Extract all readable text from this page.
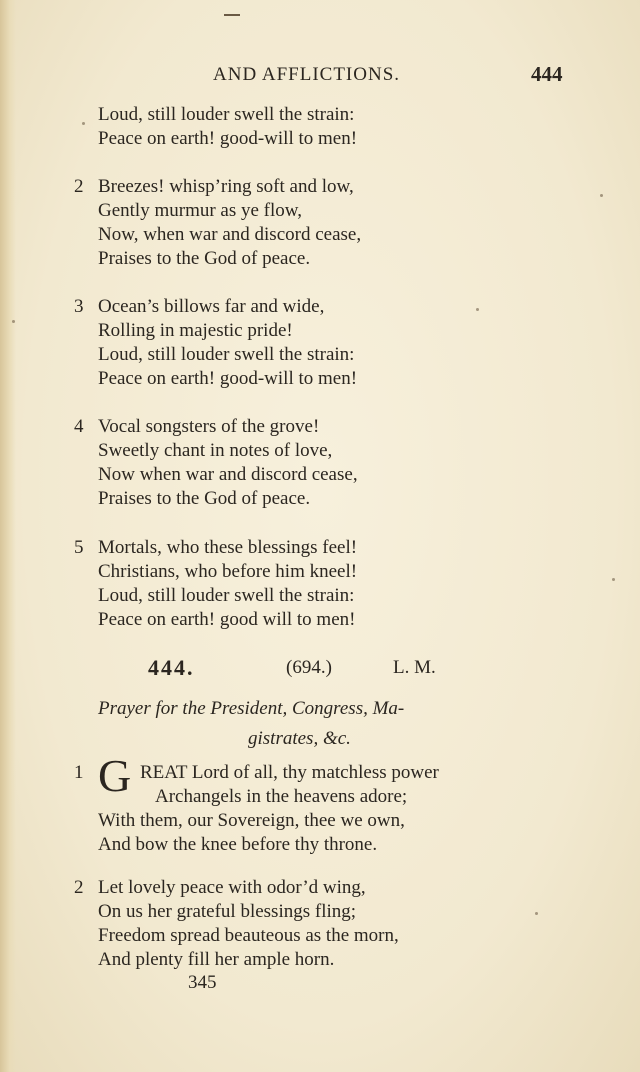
AND AFFLICTIONS.	444
Loud, still louder swell the strain:
Peace on earth! good-will to men!
2 Breezes! whisp’ring soft and low,
Gently murmur as ye flow,
Now, when war and discord cease,
Praises to the God of peace.
3 Ocean’s billows far and wide,
Rolling in majestic pride!
Loud, still louder swell the strain:
Peace on earth! good-will to men!
4 Vocal songsters of the grove!
Sweetly chant in notes of love,
Now when war and discord cease,
Praises to the God of peace.
5 Mortals, who these blessings feel!
Christians, who before him kneel!
Loud, still louder swell the strain:
Peace on earth! good will to men!
444.	(694.)	L. M.
Prayer for the President, Congress, Ma-
gistrates, &c.
1 G REAT Lord of all, thy matchless power
Archangels in the heavens adore;
With them, our Sovereign, thee we own,
And bow the knee before thy throne.
2 Let lovely peace with odor’d wing,
On us her grateful blessings fling;
Freedom spread beauteous as the morn,
And plenty fill her ample horn.
345
